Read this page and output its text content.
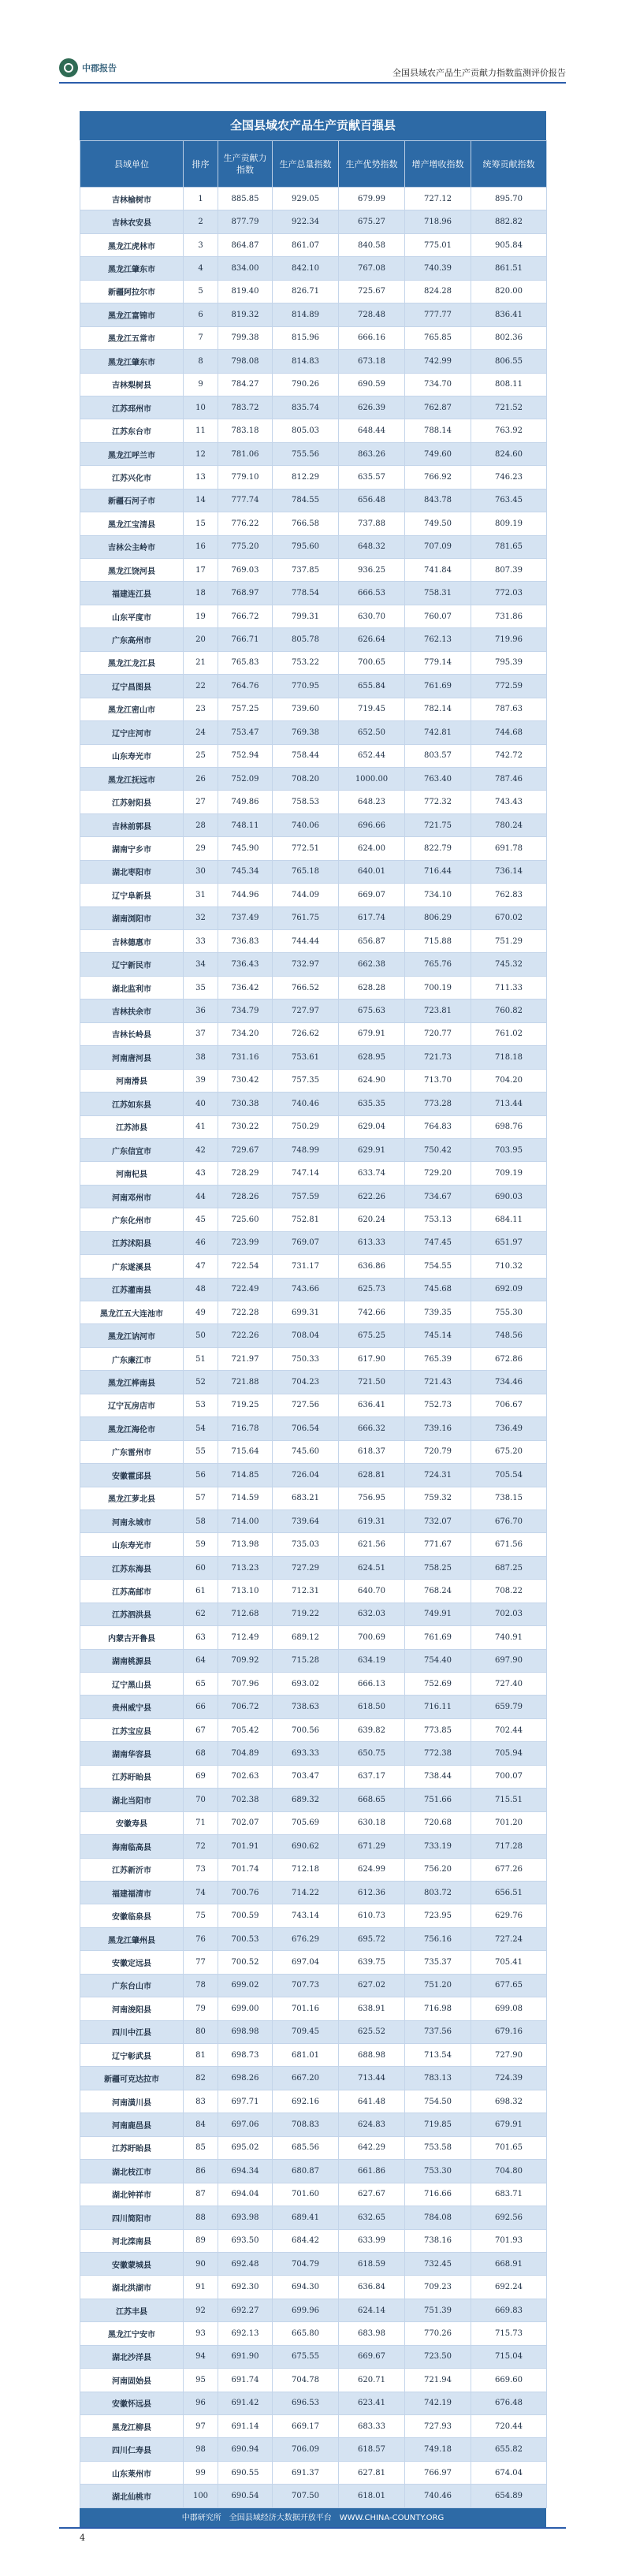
中郡报告	全国县域农产品生产贡献力指数监测评价报告
全国县域农产品生产贡献百强县
县域单位	排序	生产贡献力指数	生产总量指数	生产优势指数	增产增收指数	统筹贡献指数
吉林榆树市	1	885.85	929.05	679.99	727.12	895.70
吉林农安县	2	877.79	922.34	675.27	718.96	882.82
黑龙江虎林市	3	864.87	861.07	840.58	775.01	905.84
黑龙江肇东市	4	834.00	842.10	767.08	740.39	861.51
新疆阿拉尔市	5	819.40	826.71	725.67	824.28	820.00
黑龙江富锦市	6	819.32	814.89	728.48	777.77	836.41
黑龙江五常市	7	799.38	815.96	666.16	765.85	802.36
黑龙江肇东市	8	798.08	814.83	673.18	742.99	806.55
吉林梨树县	9	784.27	790.26	690.59	734.70	808.11
江苏邳州市	10	783.72	835.74	626.39	762.87	721.52
江苏东台市	11	783.18	805.03	648.44	788.14	763.92
黑龙江呼兰市	12	781.06	755.56	863.26	749.60	824.60
江苏兴化市	13	779.10	812.29	635.57	766.92	746.23
新疆石河子市	14	777.74	784.55	656.48	843.78	763.45
黑龙江宝清县	15	776.22	766.58	737.88	749.50	809.19
吉林公主岭市	16	775.20	795.60	648.32	707.09	781.65
黑龙江饶河县	17	769.03	737.85	936.25	741.84	807.39
福建连江县	18	768.97	778.54	666.53	758.31	772.03
山东平度市	19	766.72	799.31	630.70	760.07	731.86
广东高州市	20	766.71	805.78	626.64	762.13	719.96
黑龙江龙江县	21	765.83	753.22	700.65	779.14	795.39
辽宁昌图县	22	764.76	770.95	655.84	761.69	772.59
黑龙江密山市	23	757.25	739.60	719.45	782.14	787.63
辽宁庄河市	24	753.47	769.38	652.50	742.81	744.68
山东寿光市	25	752.94	758.44	652.44	803.57	742.72
黑龙江抚远市	26	752.09	708.20	1000.00	763.40	787.46
江苏射阳县	27	749.86	758.53	648.23	772.32	743.43
吉林前郭县	28	748.11	740.06	696.66	721.75	780.24
湖南宁乡市	29	745.90	772.51	624.00	822.79	691.78
湖北枣阳市	30	745.34	765.18	640.01	716.44	736.14
辽宁阜新县	31	744.96	744.09	669.07	734.10	762.83
湖南浏阳市	32	737.49	761.75	617.74	806.29	670.02
吉林德惠市	33	736.83	744.44	656.87	715.88	751.29
辽宁新民市	34	736.43	732.97	662.38	765.76	745.32
湖北监利市	35	736.42	766.52	628.28	700.19	711.33
吉林扶余市	36	734.79	727.97	675.63	723.81	760.82
吉林长岭县	37	734.20	726.62	679.91	720.77	761.02
河南唐河县	38	731.16	753.61	628.95	721.73	718.18
河南滑县	39	730.42	757.35	624.90	713.70	704.20
江苏如东县	40	730.38	740.46	635.35	773.28	713.44
江苏沛县	41	730.22	750.29	629.04	764.83	698.76
广东信宜市	42	729.67	748.99	629.91	750.42	703.95
河南杞县	43	728.29	747.14	633.74	729.20	709.19
河南邓州市	44	728.26	757.59	622.26	734.67	690.03
广东化州市	45	725.60	752.81	620.24	753.13	684.11
江苏沭阳县	46	723.99	769.07	613.33	747.45	651.97
广东遂溪县	47	722.54	731.17	636.86	754.55	710.32
江苏灌南县	48	722.49	743.66	625.73	745.68	692.09
黑龙江五大连池市	49	722.28	699.31	742.66	739.35	755.30
黑龙江讷河市	50	722.26	708.04	675.25	745.14	748.56
广东廉江市	51	721.97	750.33	617.90	765.39	672.86
黑龙江桦南县	52	721.88	704.23	721.50	721.43	734.46
辽宁瓦房店市	53	719.25	727.56	636.41	752.73	706.67
黑龙江海伦市	54	716.78	706.54	666.32	739.16	736.49
广东雷州市	55	715.64	745.60	618.37	720.79	675.20
安徽霍邱县	56	714.85	726.04	628.81	724.31	705.54
黑龙江萝北县	57	714.59	683.21	756.95	759.32	738.15
河南永城市	58	714.00	739.64	619.31	732.07	676.70
山东寿光市	59	713.98	735.03	621.56	771.67	671.56
江苏东海县	60	713.23	727.29	624.51	758.25	687.25
江苏高邮市	61	713.10	712.31	640.70	768.24	708.22
江苏泗洪县	62	712.68	719.22	632.03	749.91	702.03
内蒙古开鲁县	63	712.49	689.12	700.69	761.69	740.91
湖南桃源县	64	709.92	715.28	634.19	754.40	697.90
辽宁黑山县	65	707.96	693.02	666.13	752.69	727.40
贵州威宁县	66	706.72	738.63	618.50	716.11	659.79
江苏宝应县	67	705.42	700.56	639.82	773.85	702.44
湖南华容县	68	704.89	693.33	650.75	772.38	705.94
江苏盱眙县	69	702.63	703.47	637.17	738.44	700.07
湖北当阳市	70	702.38	689.32	668.65	751.66	715.51
安徽寿县	71	702.07	705.69	630.18	720.68	701.20
海南临高县	72	701.91	690.62	671.29	733.19	717.28
江苏新沂市	73	701.74	712.18	624.99	756.20	677.26
福建福清市	74	700.76	714.22	612.36	803.72	656.51
安徽临泉县	75	700.59	743.14	610.73	723.95	629.76
黑龙江肇州县	76	700.53	676.29	695.72	756.16	727.24
安徽定远县	77	700.52	697.04	639.75	735.37	705.41
广东台山市	78	699.02	707.73	627.02	751.20	677.65
河南浚阳县	79	699.00	701.16	638.91	716.98	699.08
四川中江县	80	698.98	709.45	625.52	737.56	679.16
辽宁彰武县	81	698.73	681.01	688.98	713.54	727.90
新疆可克达拉市	82	698.26	667.20	713.44	783.13	724.39
河南潢川县	83	697.71	692.16	641.48	754.50	698.32
河南鹿邑县	84	697.06	708.83	624.83	719.85	679.91
江苏盱眙县	85	695.02	685.56	642.29	753.58	701.65
湖北枝江市	86	694.34	680.87	661.86	753.30	704.80
湖北钟祥市	87	694.04	701.60	627.67	716.66	683.71
四川简阳市	88	693.98	689.41	632.65	784.08	692.56
河北滦南县	89	693.50	684.42	633.99	738.16	701.93
安徽蒙城县	90	692.48	704.79	618.59	732.45	668.91
湖北洪湖市	91	692.30	694.30	636.84	709.23	692.24
江苏丰县	92	692.27	699.96	624.14	751.39	669.83
黑龙江宁安市	93	692.13	665.80	683.98	770.26	715.73
湖北沙洋县	94	691.90	675.55	669.67	723.50	715.04
河南固始县	95	691.74	704.78	620.71	721.94	669.60
安徽怀远县	96	691.42	696.53	623.41	742.19	676.48
黑龙江柳县	97	691.14	669.17	683.33	727.93	720.44
四川仁寿县	98	690.94	706.09	618.57	749.18	655.82
山东莱州市	99	690.55	691.37	627.81	766.97	674.04
湖北仙桃市	100	690.54	707.50	618.01	740.46	654.89
中郡研究所　全国县域经济大数据开放平台　WWW.CHINA-COUNTY.ORG
4
